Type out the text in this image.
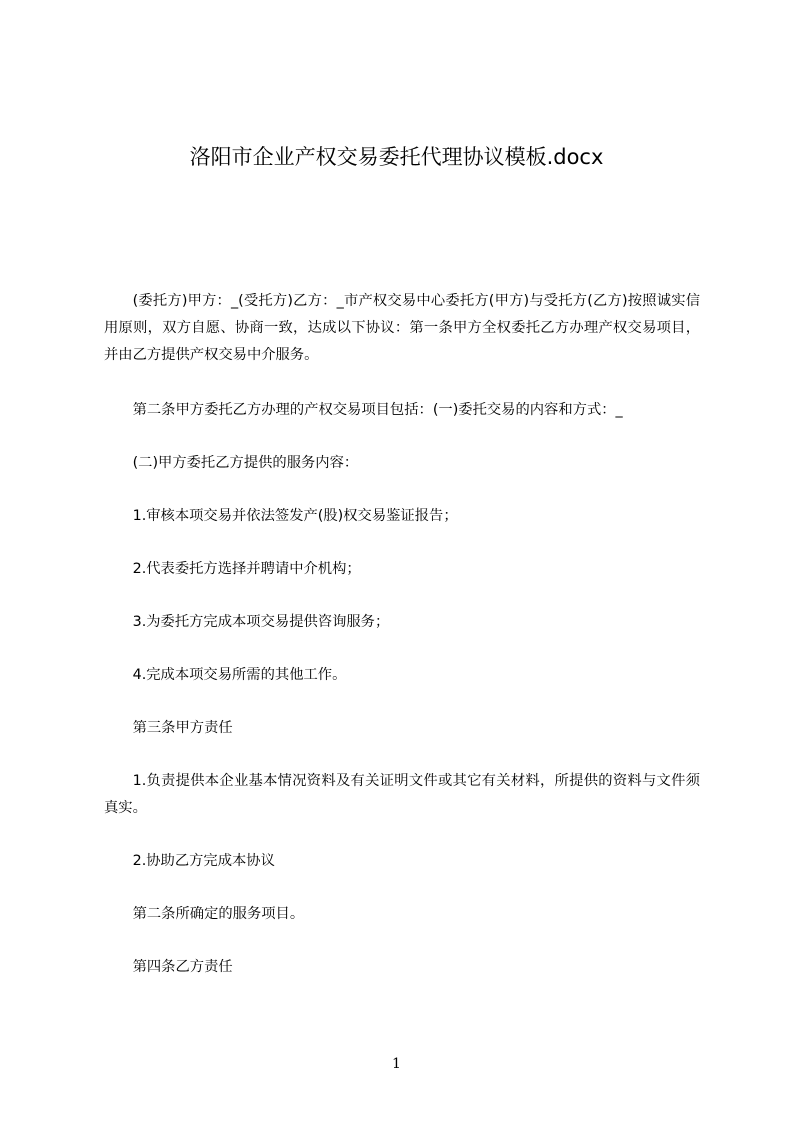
洛阳市企业产权交易委托代理协议模板.docx
(委托方)甲方：_(受托方)乙方：_市产权交易中心委托方(甲方)与受托方(乙方)按照诚实信用原则，双方自愿、协商一致，达成以下协议：第一条甲方全权委托乙方办理产权交易项目，并由乙方提供产权交易中介服务。
第二条甲方委托乙方办理的产权交易项目包括：(一)委托交易的内容和方式：_
(二)甲方委托乙方提供的服务内容：
1.审核本项交易并依法签发产(股)权交易鉴证报告；
2.代表委托方选择并聘请中介机构；
3.为委托方完成本项交易提供咨询服务；
4.完成本项交易所需的其他工作。
第三条甲方责任
1.负责提供本企业基本情况资料及有关证明文件或其它有关材料，所提供的资料与文件须真实。
2.协助乙方完成本协议
第二条所确定的服务项目。
第四条乙方责任
1
